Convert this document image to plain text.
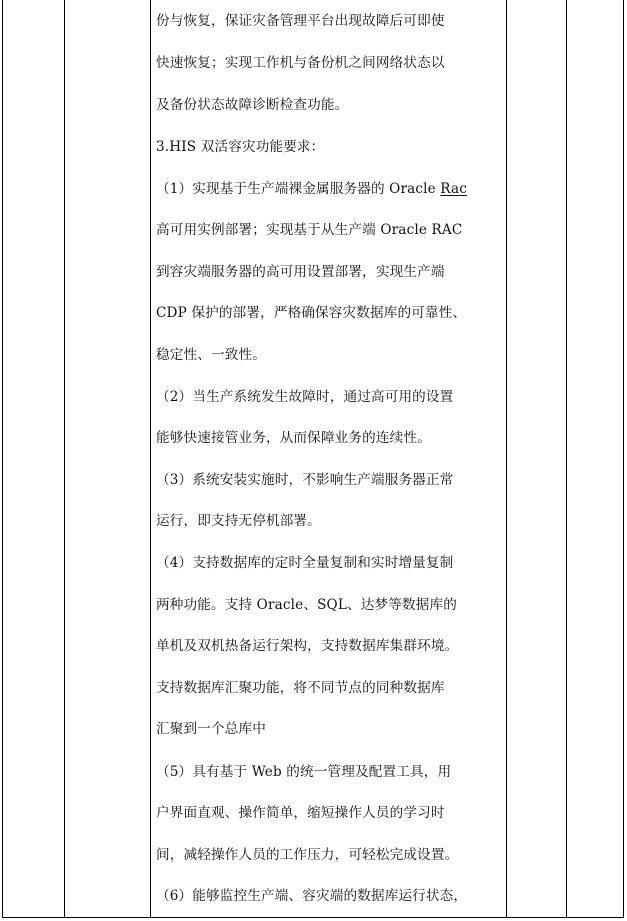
份与恢复，保证灾备管理平台出现故障后可即使
快速恢复；实现工作机与备份机之间网络状态以
及备份状态故障诊断检查功能。
3.HIS 双活容灾功能要求：
（1）实现基于生产端裸金属服务器的 Oracle Rac
高可用实例部署；实现基于从生产端 Oracle RAC
到容灾端服务器的高可用设置部署，实现生产端
CDP 保护的部署，严格确保容灾数据库的可靠性、
稳定性、一致性。
（2）当生产系统发生故障时，通过高可用的设置
能够快速接管业务，从而保障业务的连续性。
（3）系统安装实施时，不影响生产端服务器正常
运行，即支持无停机部署。
（4）支持数据库的定时全量复制和实时增量复制
两种功能。支持 Oracle、SQL、达梦等数据库的
单机及双机热备运行架构，支持数据库集群环境。
支持数据库汇聚功能，将不同节点的同种数据库
汇聚到一个总库中
（5）具有基于 Web 的统一管理及配置工具，用
户界面直观、操作简单，缩短操作人员的学习时
间，减轻操作人员的工作压力，可轻松完成设置。
（6）能够监控生产端、容灾端的数据库运行状态，
